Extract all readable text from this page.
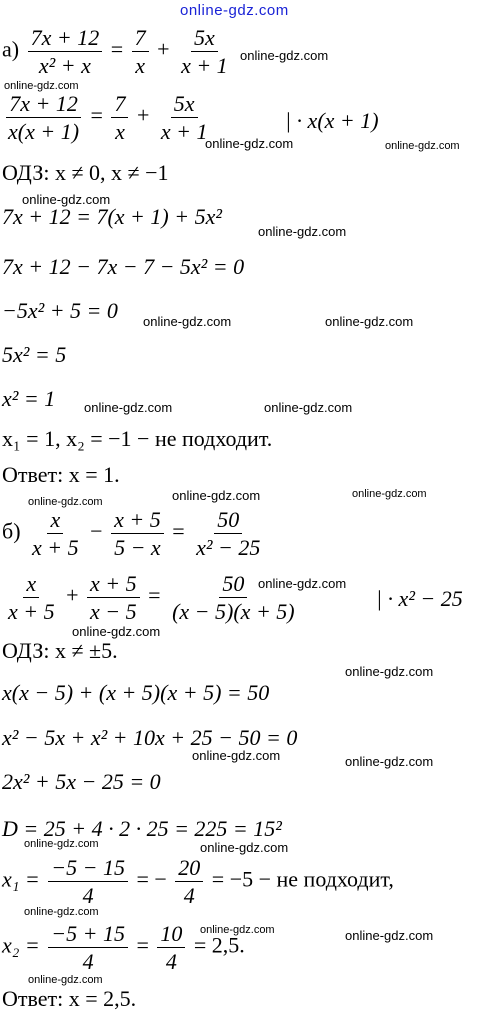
online-gdz.com
$а) \frac{7x + 12}{\text{x² + x}} = \frac{7}{x} + \frac{5x}{x + 1}$
$\frac{7x + 12}{x(x + 1)} = \frac{7}{x} + \frac{5x}{x + 1}$	| · x(x + 1)
ОДЗ: x ≠ 0, x ≠ −1
7x + 12 = 7(x + 1) + 5x²
7x + 12 − 7x − 7 − 5x² = 0
−5x² + 5 = 0
5x² = 5
x² = 1
x₁ = 1, x₂ = −1 − не подходит.
Ответ: x = 1.
$б) \frac{x}{x + 5} - \frac{x + 5}{5 - x} = \frac{50}{\text{x² − 25}}$
$\frac{x}{x + 5} + \frac{x + 5}{x - 5} = \frac{50}{(x - 5)(x + 5)}$	| · x² − 25
ОДЗ: x ≠ ±5.
x(x − 5) + (x + 5)(x + 5) = 50
x² − 5x + x² + 10x + 25 − 50 = 0
2x² + 5x − 25 = 0
D = 25 + 4 · 2 · 25 = 225 = 15²
$x_1 = \frac{-5 - 15}{4}$ = − $\frac{20}{4} = -5$ − не подходит,
$x_2 = \frac{-5 + 15}{4} = \frac{10}{4} = 2,5$.
Ответ: x = 2,5.
online-gdz.com
online-gdz.com
online-gdz.com	online-gdz.com
online-gdz.com
online-gdz.com
online-gdz.com	online-gdz.com
online-gdz.com	online-gdz.com
online-gdz.com	online-gdz.com	online-gdz.com
online-gdz.com
online-gdz.com
online-gdz.com
online-gdz.com	online-gdz.com
online-gdz.com	online-gdz.com
online-gdz.com
online-gdz.com	online-gdz.com
online-gdz.com
